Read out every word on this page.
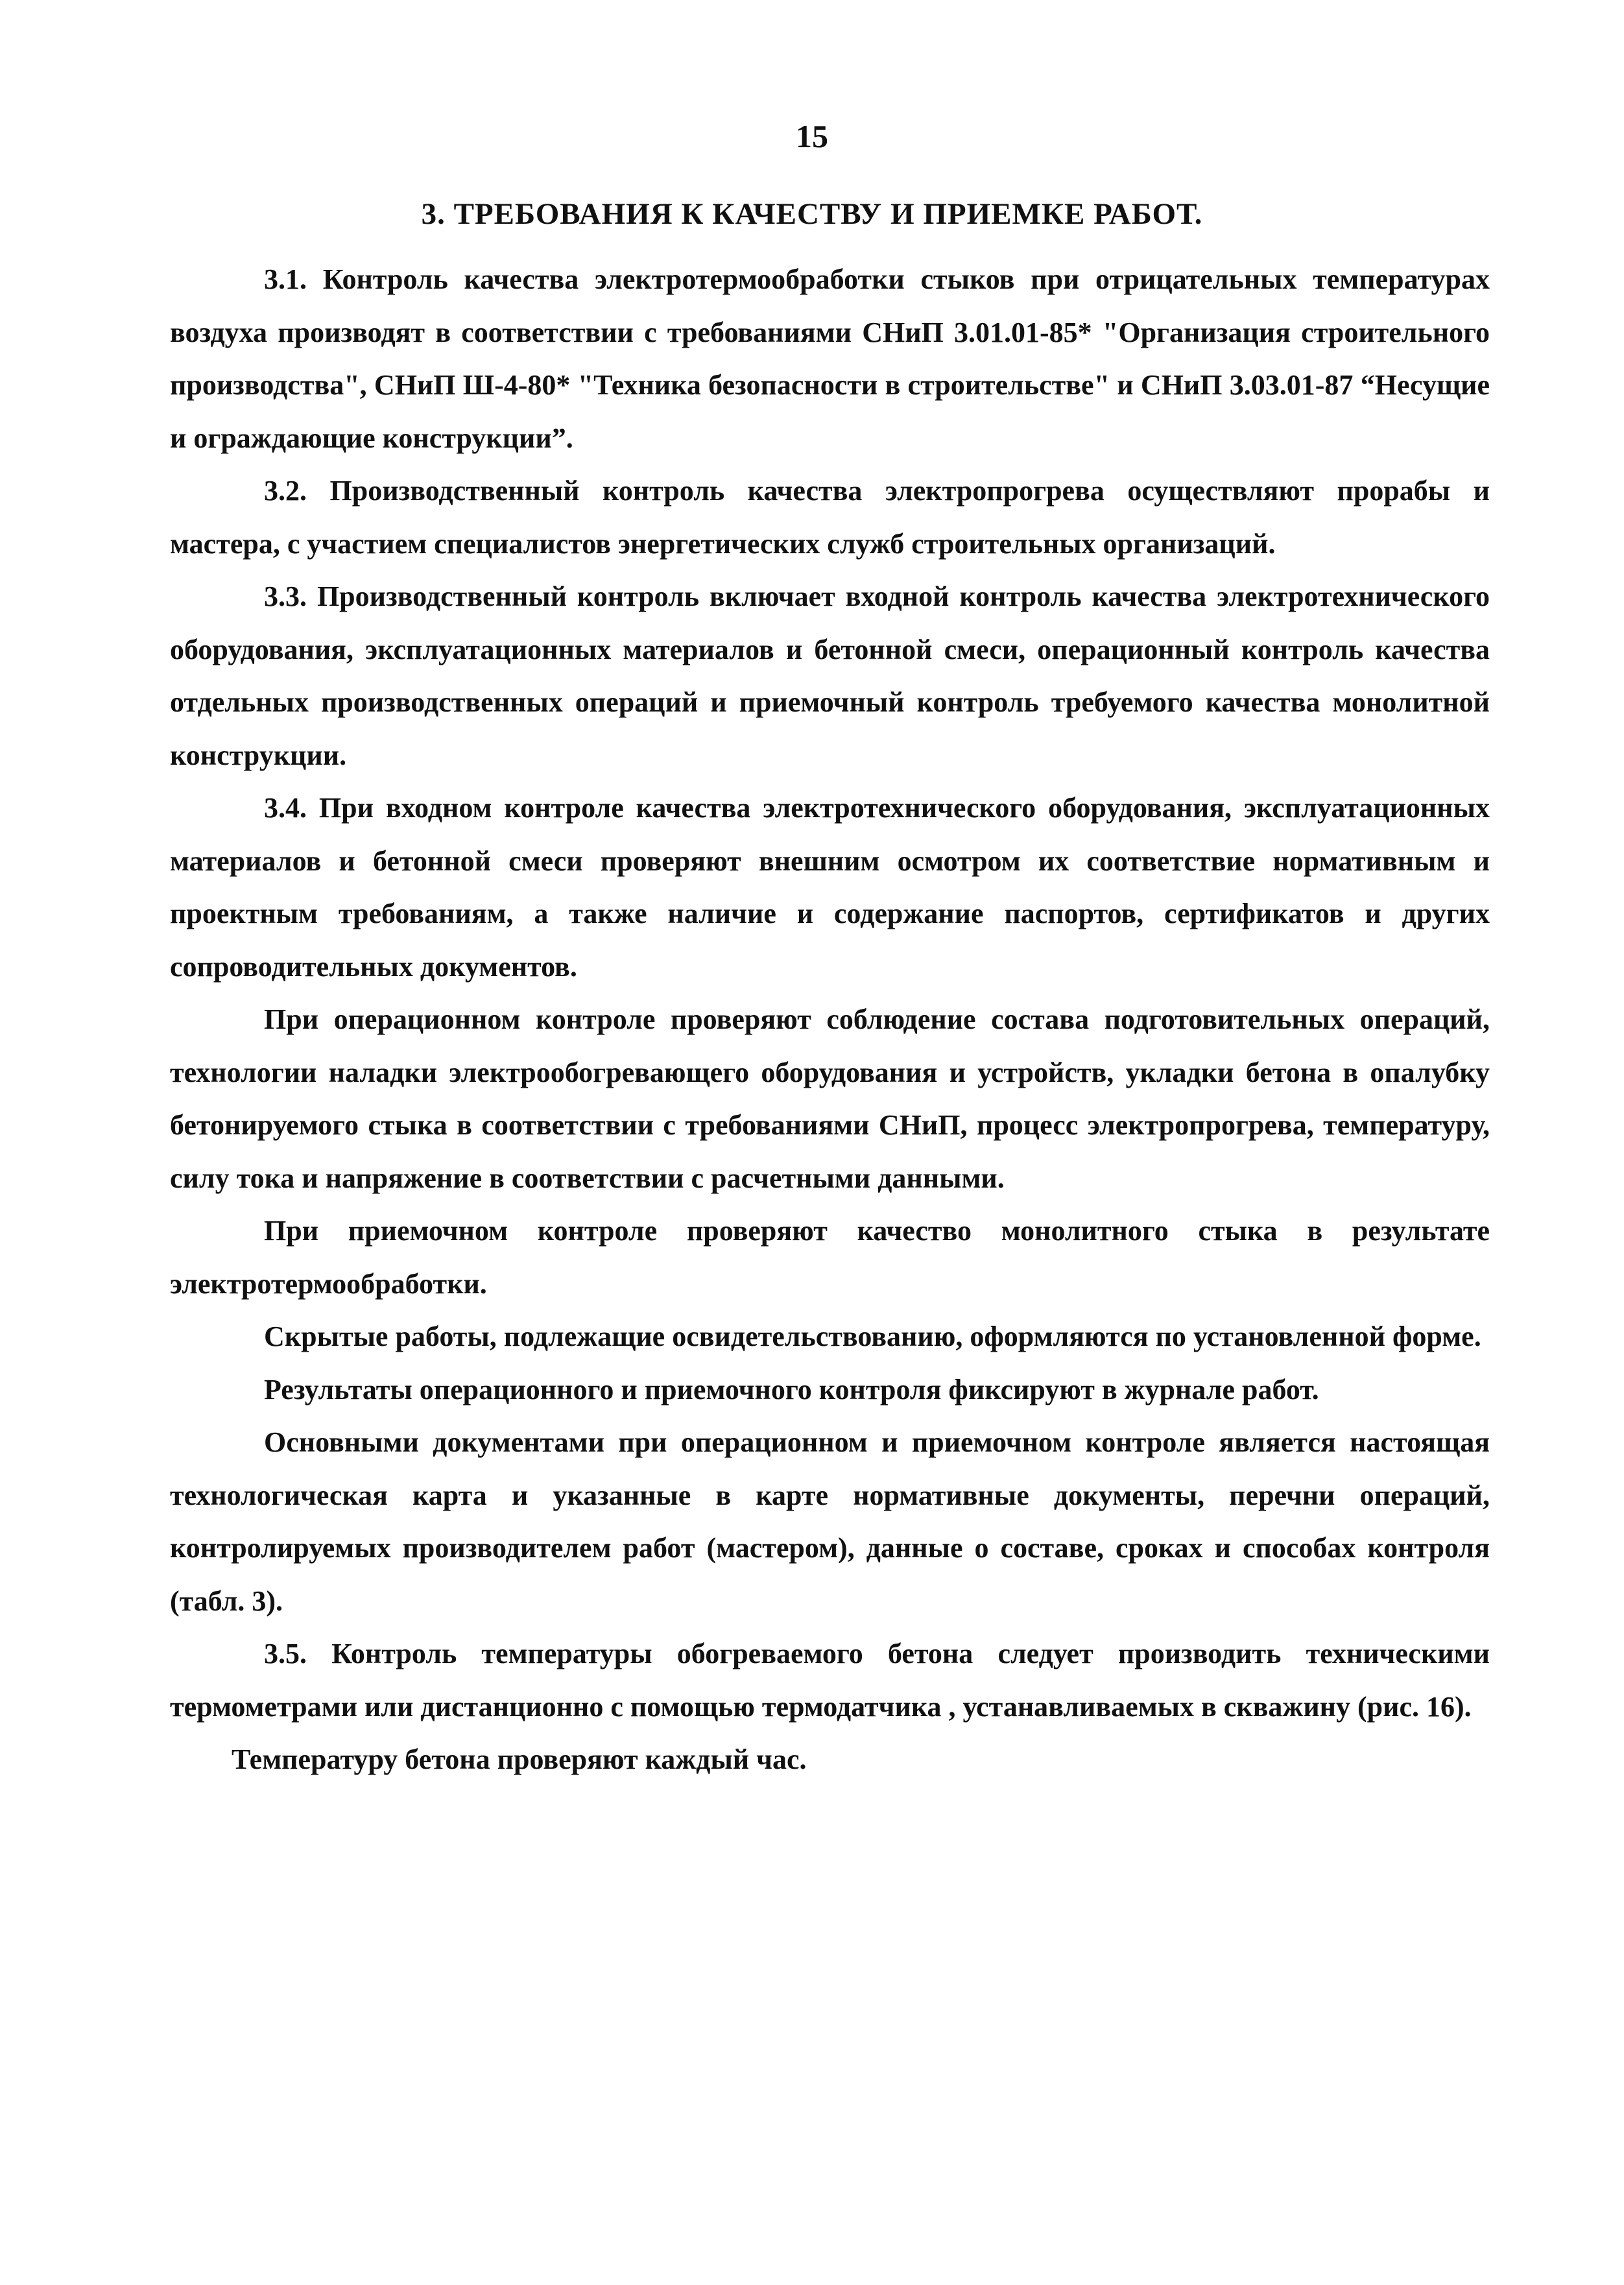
15
3. ТРЕБОВАНИЯ К КАЧЕСТВУ И ПРИЕМКЕ РАБОТ.

3.1. Контроль качества электротермообработки стыков при отрицательных температурах воздуха производят в соответствии с требованиями СНиП 3.01.01-85* "Организация строительного производства", СНиП Ш-4-80* "Техника безопасности в строительстве" и СНиП 3.03.01-87 “Несущие и ограждающие конструкции”.

3.2. Производственный контроль качества электропрогрева осуществляют прорабы и мастера, с участием специалистов энергетических служб строительных организаций.

3.3. Производственный контроль включает входной контроль качества электротехнического оборудования, эксплуатационных материалов и бетонной смеси, операционный контроль качества отдельных производственных операций и приемочный контроль требуемого качества монолитной конструкции.

3.4. При входном контроле качества электротехнического оборудования, эксплуатационных материалов и бетонной смеси проверяют внешним осмотром их соответствие нормативным и проектным требованиям, а также наличие и содержание паспортов, сертификатов и других сопроводительных документов.

При операционном контроле проверяют соблюдение состава подготовительных операций, технологии наладки электрообогревающего оборудования и устройств, укладки бетона в опалубку бетонируемого стыка в соответствии с требованиями СНиП, процесс электропрогрева, температуру, силу тока и напряжение в соответствии с расчетными данными.

При приемочном контроле проверяют качество монолитного стыка в результате электротермообработки.

Скрытые работы, подлежащие освидетельствованию, оформляются по установленной форме.

Результаты операционного и приемочного контроля фиксируют в журнале работ.

Основными документами при операционном и приемочном контроле является настоящая технологическая карта и указанные в карте нормативные документы, перечни операций, контролируемых производителем работ (мастером), данные о составе, сроках и способах контроля (табл. 3).

3.5. Контроль температуры обогреваемого бетона следует производить техническими термометрами или дистанционно с помощью термодатчика , устанавливаемых в скважину (рис. 16).

Температуру бетона проверяют каждый час.
